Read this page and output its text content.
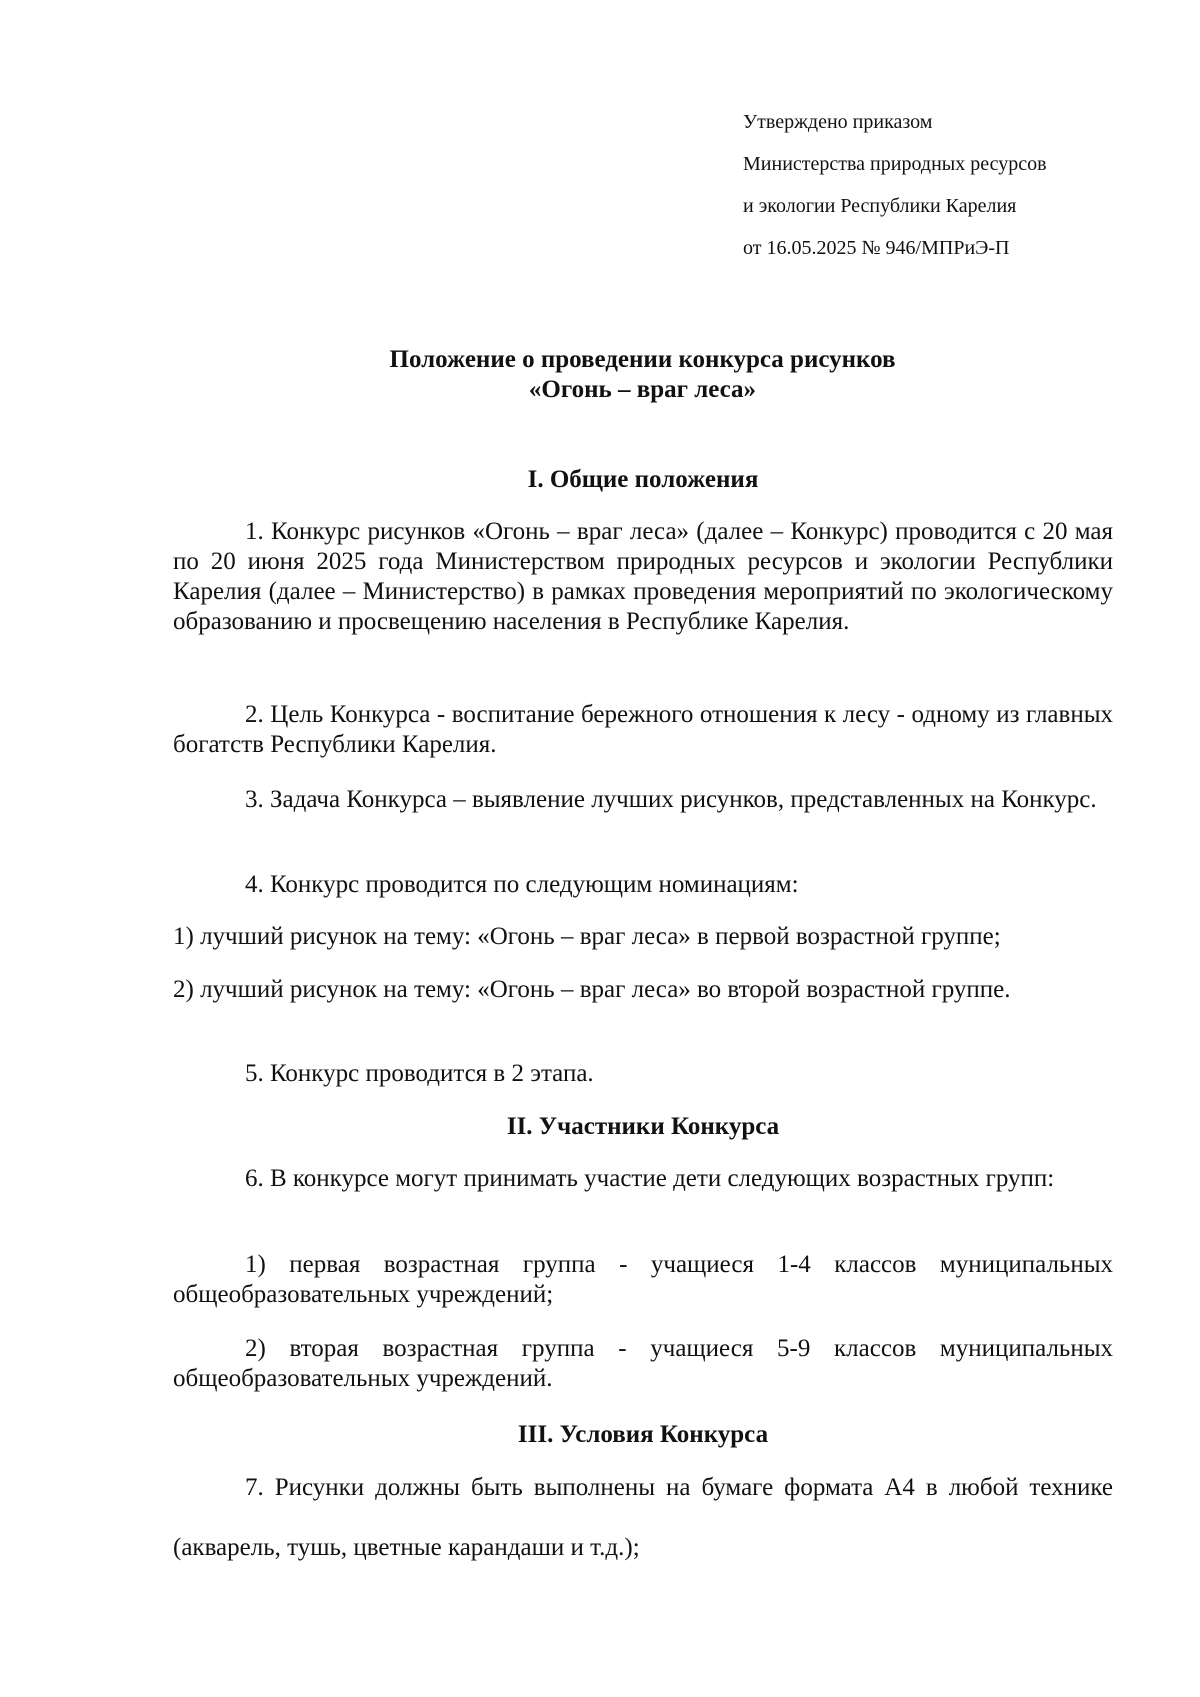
Утверждено приказом
Министерства природных ресурсов
и экологии Республики Карелия
от 16.05.2025 № 946/МПРиЭ-П
Положение о проведении конкурса рисунков
«Огонь – враг леса»
I. Общие положения
1. Конкурс рисунков «Огонь – враг леса» (далее – Конкурс) проводится с 20 мая по 20 июня 2025 года Министерством природных ресурсов и экологии Республики Карелия (далее – Министерство) в рамках проведения мероприятий по экологическому образованию и просвещению населения в Республике Карелия.
2. Цель Конкурса - воспитание бережного отношения к лесу - одному из главных богатств Республики Карелия.
3. Задача Конкурса – выявление лучших рисунков, представленных на Конкурс.
4. Конкурс проводится по следующим номинациям:
1) лучший рисунок на тему: «Огонь – враг леса» в первой возрастной группе;
2) лучший рисунок на тему: «Огонь – враг леса» во второй возрастной группе.
5. Конкурс проводится в 2 этапа.
II. Участники Конкурса
6. В конкурсе могут принимать участие дети следующих возрастных групп:
1) первая возрастная группа - учащиеся 1-4 классов муниципальных общеобразовательных учреждений;
2) вторая возрастная группа - учащиеся 5-9 классов муниципальных общеобразовательных учреждений.
III. Условия Конкурса
7. Рисунки должны быть выполнены на бумаге формата А4 в любой технике (акварель, тушь, цветные карандаши и т.д.);
